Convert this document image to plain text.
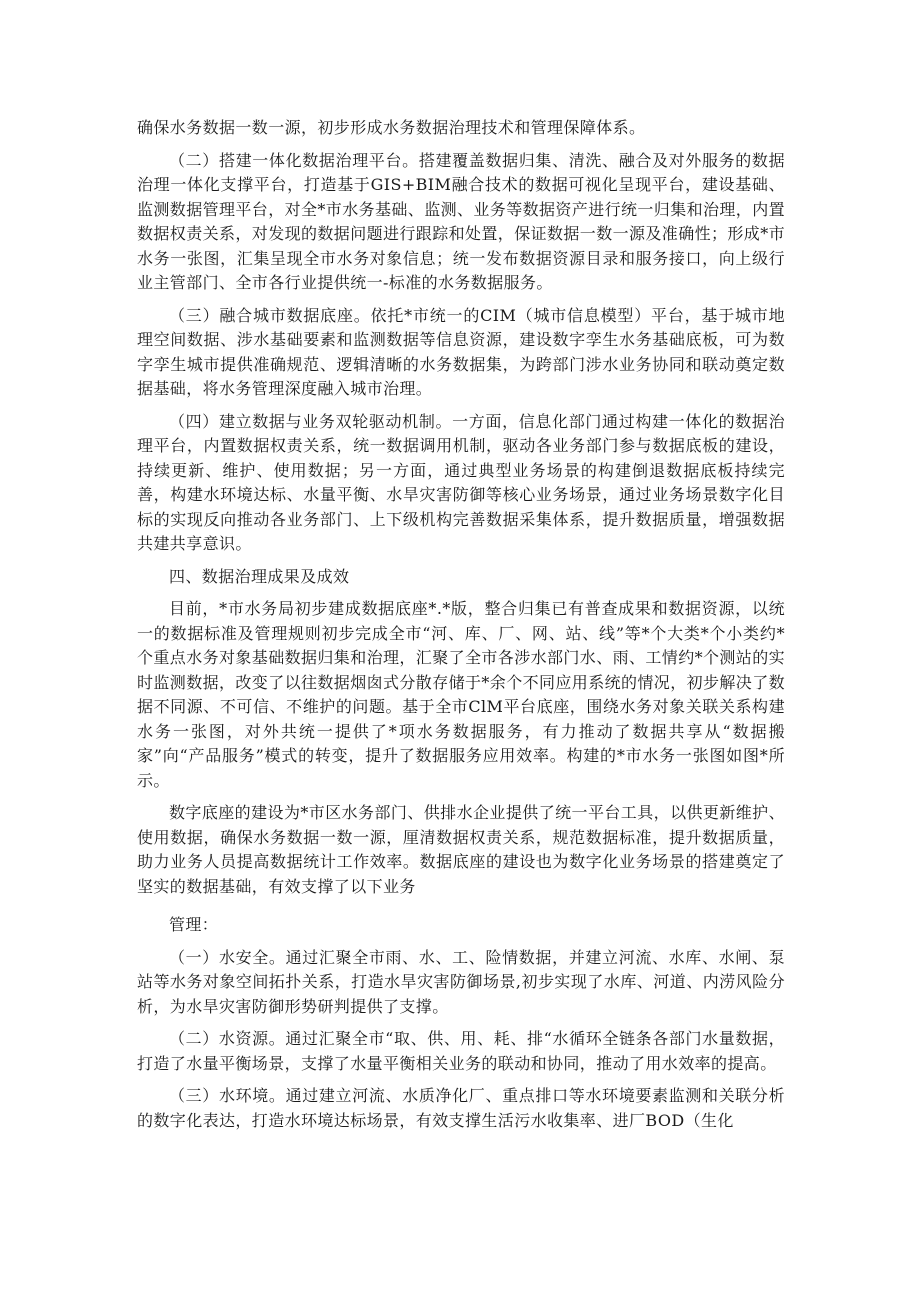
确保水务数据一数一源，初步形成水务数据治理技术和管理保障体系。

（二）搭建一体化数据治理平台。搭建覆盖数据归集、清洗、融合及对外服务的数据治理一体化支撑平台，打造基于GIS+BIM融合技术的数据可视化呈现平台，建设基础、监测数据管理平台，对全*市水务基础、监测、业务等数据资产进行统一归集和治理，内置数据权责关系，对发现的数据问题进行跟踪和处置，保证数据一数一源及准确性；形成*市水务一张图，汇集呈现全市水务对象信息；统一发布数据资源目录和服务接口，向上级行业主管部门、全市各行业提供统一-标准的水务数据服务。

（三）融合城市数据底座。依托*市统一的CIM（城市信息模型）平台，基于城市地理空间数据、涉水基础要素和监测数据等信息资源，建设数字孪生水务基础底板，可为数字孪生城市提供准确规范、逻辑清晰的水务数据集，为跨部门涉水业务协同和联动奠定数据基础，将水务管理深度融入城市治理。

（四）建立数据与业务双轮驱动机制。一方面，信息化部门通过构建一体化的数据治理平台，内置数据权责关系，统一数据调用机制，驱动各业务部门参与数据底板的建设，持续更新、维护、使用数据；另一方面，通过典型业务场景的构建倒退数据底板持续完善，构建水环境达标、水量平衡、水旱灾害防御等核心业务场景，通过业务场景数字化目标的实现反向推动各业务部门、上下级机构完善数据采集体系，提升数据质量，增强数据共建共享意识。

四、数据治理成果及成效

目前，*市水务局初步建成数据底座*.*版，整合归集已有普查成果和数据资源，以统一的数据标准及管理规则初步完成全市“河、库、厂、网、站、线”等*个大类*个小类约*个重点水务对象基础数据归集和治理，汇聚了全市各涉水部门水、雨、工情约*个测站的实时监测数据，改变了以往数据烟囱式分散存储于*余个不同应用系统的情况，初步解决了数据不同源、不可信、不维护的问题。基于全市ClM平台底座，围绕水务对象关联关系构建水务一张图，对外共统一提供了*项水务数据服务，有力推动了数据共享从“数据搬家”向“产品服务”模式的转变，提升了数据服务应用效率。构建的*市水务一张图如图*所示。

数字底座的建设为*市区水务部门、供排水企业提供了统一平台工具，以供更新维护、使用数据，确保水务数据一数一源，厘清数据权责关系，规范数据标准，提升数据质量，助力业务人员提高数据统计工作效率。数据底座的建设也为数字化业务场景的搭建奠定了坚实的数据基础，有效支撑了以下业务

管理：

（一）水安全。通过汇聚全市雨、水、工、险情数据，并建立河流、水库、水闸、泵站等水务对象空间拓扑关系，打造水旱灾害防御场景,初步实现了水库、河道、内涝风险分析，为水旱灾害防御形势研判提供了支撑。

（二）水资源。通过汇聚全市“取、供、用、耗、排“水循环全链条各部门水量数据，打造了水量平衡场景，支撑了水量平衡相关业务的联动和协同，推动了用水效率的提高。

（三）水环境。通过建立河流、水质净化厂、重点排口等水环境要素监测和关联分析的数字化表达，打造水环境达标场景，有效支撑生活污水收集率、进厂BOD（生化
